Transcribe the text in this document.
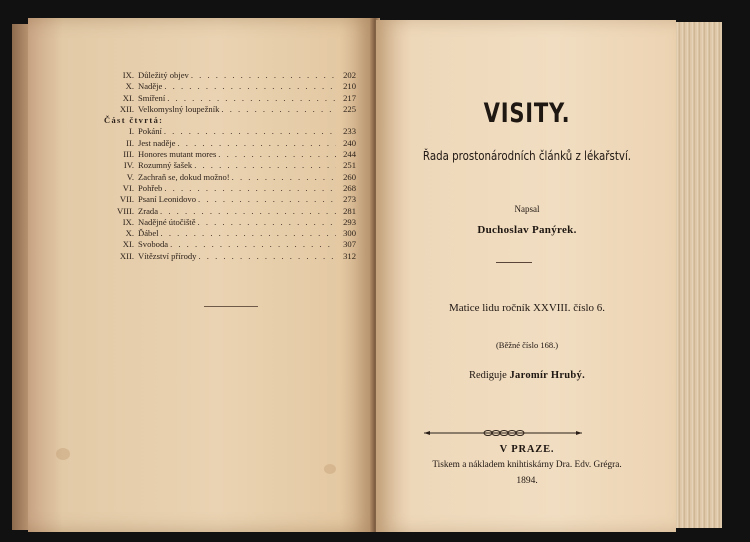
IX. Důležitý objev . . .	202
X. Naděje . . .	210
XI. Smíření . . .	217
XII. Velkomyslný loupežník . . .	225
Část čtvrtá:
I. Pokání . . .	233
II. Jest naděje . . .	240
III. Honores mutant mores . . .	244
IV. Rozumný šašek . . .	251
V. Zachraň se, dokud možno! . . .	260
VI. Pohřeb . . .	268
VII. Psaní Leonidovo . . .	273
VIII. Zrada . . .	281
IX. Nadějné útočiště . . .	293
X. Ďábel . . .	300
XI. Svoboda . . .	307
XII. Vítězství přírody . . .	312
VISITY.
Řada prostonárodních článků z lékařství.
Napsal
Duchoslav Panýrek.
Matice lidu ročník XXVIII. číslo 6.
(Běžné číslo 168.)
Rediguje Jaromír Hrubý.
V PRAZE.
Tiskem a nákladem knihtiskárny Dra. Edv. Grégra.
1894.
